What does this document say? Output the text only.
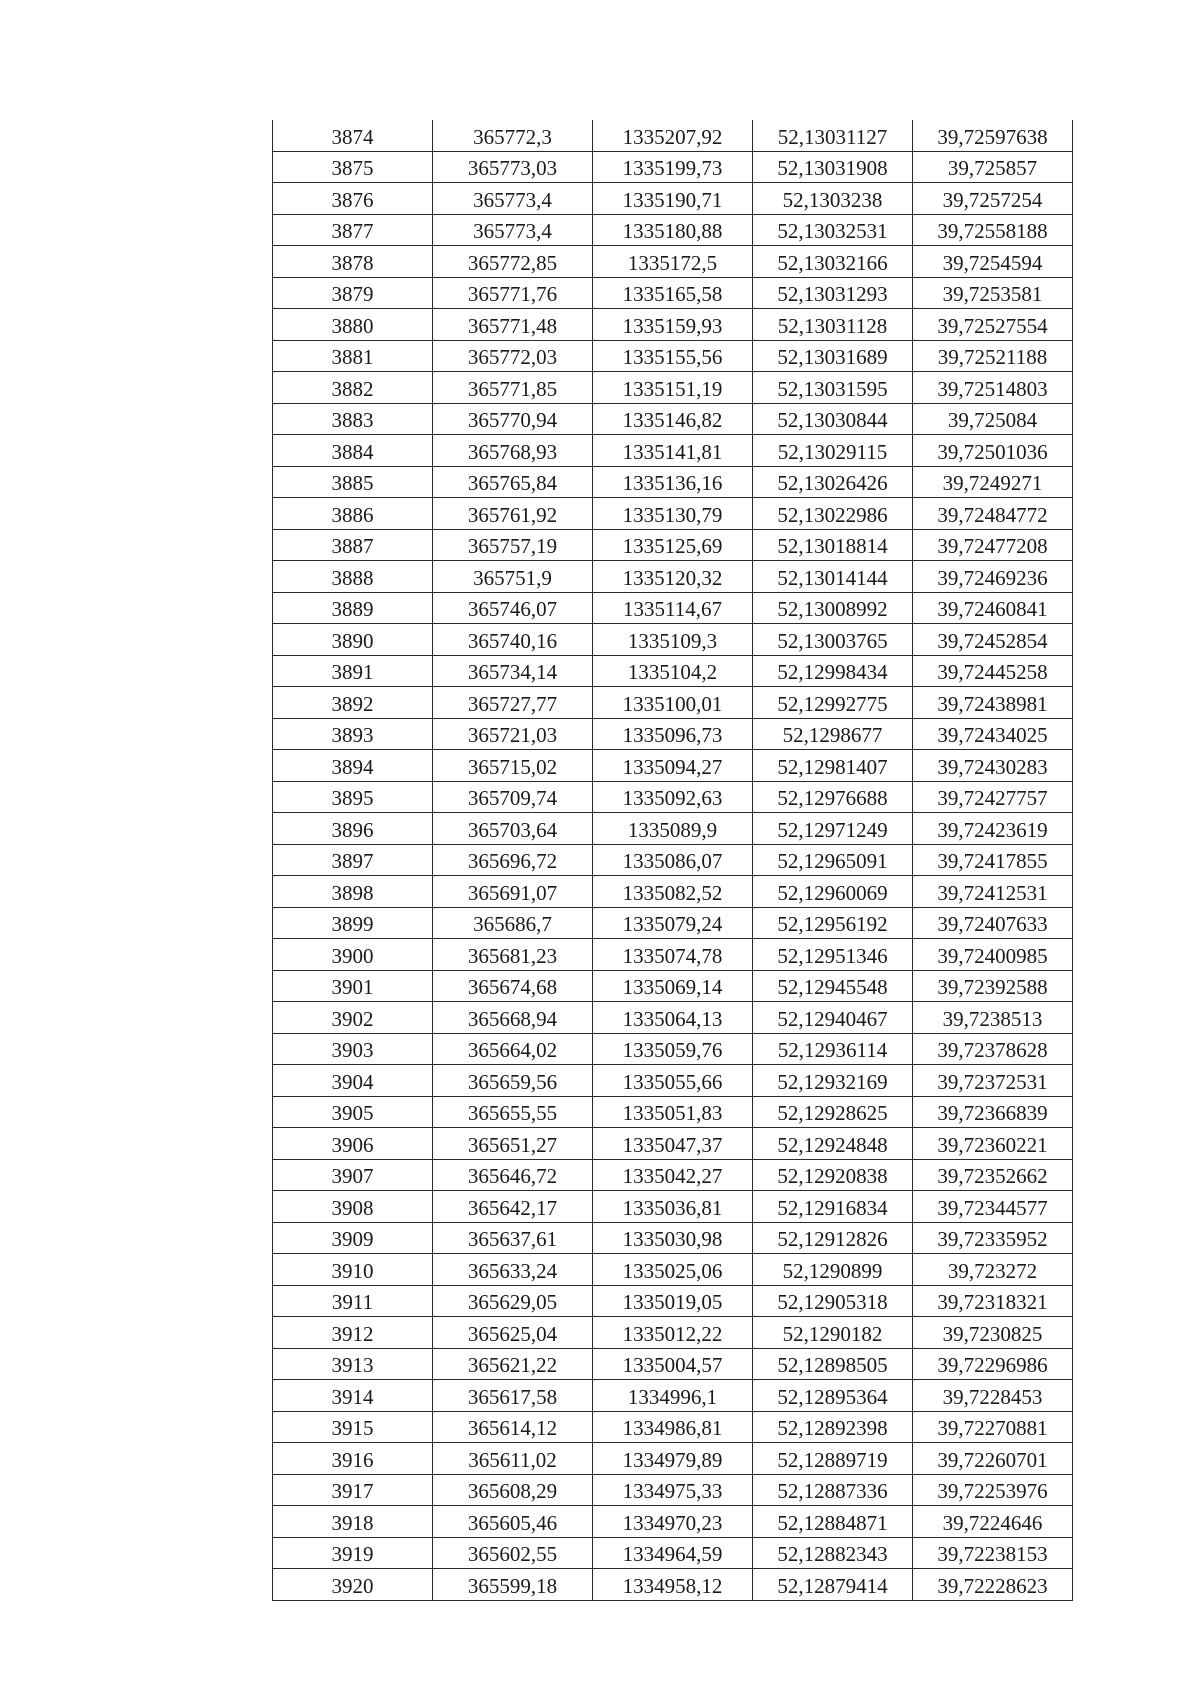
3874	365772,3	1335207,92	52,13031127	39,72597638
3875	365773,03	1335199,73	52,13031908	39,725857
3876	365773,4	1335190,71	52,1303238	39,7257254
3877	365773,4	1335180,88	52,13032531	39,72558188
3878	365772,85	1335172,5	52,13032166	39,7254594
3879	365771,76	1335165,58	52,13031293	39,7253581
3880	365771,48	1335159,93	52,13031128	39,72527554
3881	365772,03	1335155,56	52,13031689	39,72521188
3882	365771,85	1335151,19	52,13031595	39,72514803
3883	365770,94	1335146,82	52,13030844	39,725084
3884	365768,93	1335141,81	52,13029115	39,72501036
3885	365765,84	1335136,16	52,13026426	39,7249271
3886	365761,92	1335130,79	52,13022986	39,72484772
3887	365757,19	1335125,69	52,13018814	39,72477208
3888	365751,9	1335120,32	52,13014144	39,72469236
3889	365746,07	1335114,67	52,13008992	39,72460841
3890	365740,16	1335109,3	52,13003765	39,72452854
3891	365734,14	1335104,2	52,12998434	39,72445258
3892	365727,77	1335100,01	52,12992775	39,72438981
3893	365721,03	1335096,73	52,1298677	39,72434025
3894	365715,02	1335094,27	52,12981407	39,72430283
3895	365709,74	1335092,63	52,12976688	39,72427757
3896	365703,64	1335089,9	52,12971249	39,72423619
3897	365696,72	1335086,07	52,12965091	39,72417855
3898	365691,07	1335082,52	52,12960069	39,72412531
3899	365686,7	1335079,24	52,12956192	39,72407633
3900	365681,23	1335074,78	52,12951346	39,72400985
3901	365674,68	1335069,14	52,12945548	39,72392588
3902	365668,94	1335064,13	52,12940467	39,7238513
3903	365664,02	1335059,76	52,12936114	39,72378628
3904	365659,56	1335055,66	52,12932169	39,72372531
3905	365655,55	1335051,83	52,12928625	39,72366839
3906	365651,27	1335047,37	52,12924848	39,72360221
3907	365646,72	1335042,27	52,12920838	39,72352662
3908	365642,17	1335036,81	52,12916834	39,72344577
3909	365637,61	1335030,98	52,12912826	39,72335952
3910	365633,24	1335025,06	52,1290899	39,723272
3911	365629,05	1335019,05	52,12905318	39,72318321
3912	365625,04	1335012,22	52,1290182	39,7230825
3913	365621,22	1335004,57	52,12898505	39,72296986
3914	365617,58	1334996,1	52,12895364	39,7228453
3915	365614,12	1334986,81	52,12892398	39,72270881
3916	365611,02	1334979,89	52,12889719	39,72260701
3917	365608,29	1334975,33	52,12887336	39,72253976
3918	365605,46	1334970,23	52,12884871	39,7224646
3919	365602,55	1334964,59	52,12882343	39,72238153
3920	365599,18	1334958,12	52,12879414	39,72228623
